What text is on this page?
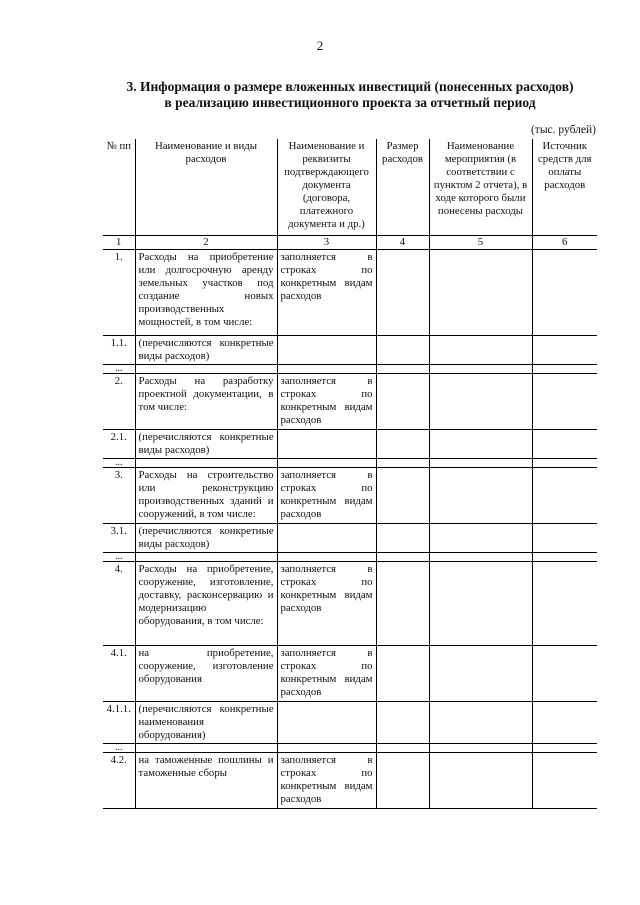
2
3. Информация о размере вложенных инвестиций (понесенных расходов)
в реализацию инвестиционного проекта за отчетный период
(тыс. рублей)
№ пп	Наименование и виды расходов	Наименование и реквизиты подтверждающего документа (договора, платежного документа и др.)	Размер расходов	Наименование мероприятия (в соответствии с пунктом 2 отчета), в ходе которого были понесены расходы	Источник средств для оплаты расходов
1	2	3	4	5	6
1.	Расходы на приобретение или долгосрочную аренду земельных участков под создание новых производственных мощностей, в том числе:	заполняется в строках по конкретным видам расходов			
1.1.	(перечисляются конкретные виды расходов)				
...					
2.	Расходы на разработку проектной документации, в том числе:	заполняется в строках по конкретным видам расходов			
2.1.	(перечисляются конкретные виды расходов)				
...					
3.	Расходы на строительство или реконструкцию производственных зданий и сооружений, в том числе:	заполняется в строках по конкретным видам расходов			
3.1.	(перечисляются конкретные виды расходов)				
...					
4.	Расходы на приобретение, сооружение, изготовление, доставку, расконсервацию и модернизацию оборудования, в том числе:	заполняется в строках по конкретным видам расходов			
4.1.	на приобретение, сооружение, изготовление оборудования	заполняется в строках по конкретным видам расходов			
4.1.1.	(перечисляются конкретные наименования оборудования)				
...					
4.2.	на таможенные пошлины и таможенные сборы	заполняется в строках по конкретным видам расходов			
